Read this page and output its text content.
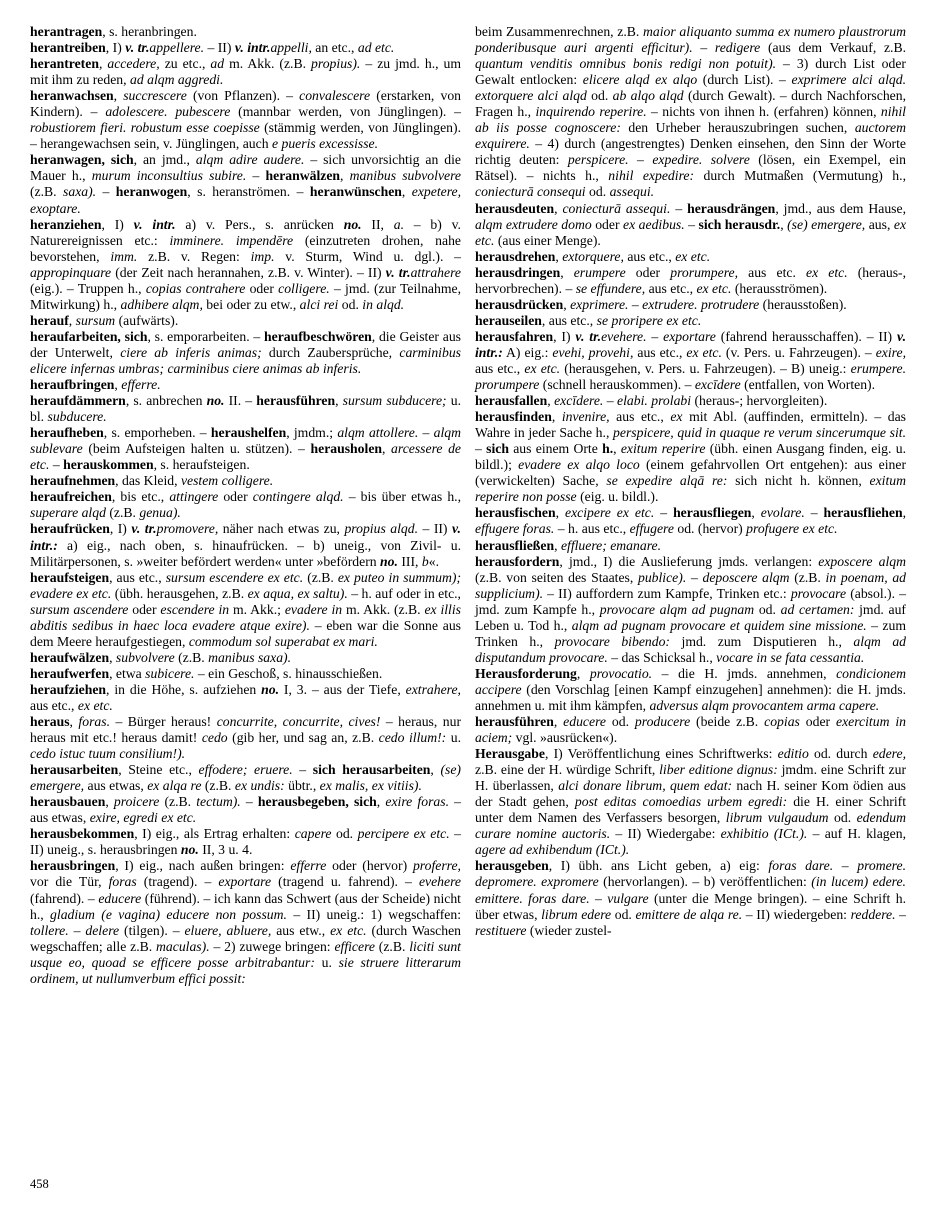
herantragen, s. heranbringen.

herantreiben, I) v. tr.appellere. – II) v. intr.appelli, an etc., ad etc.

herantreten, accedere, zu etc., ad m. Akk. (z.B. propius). – zu jmd. h., um mit ihm zu reden, ad alqm aggredi.

heranwachsen, succrescere (von Pflanzen). – convalescere (erstarken, von Kindern). – adolescere. pubescere (mannbar werden, von Jünglingen). – robustiorem fieri. robustum esse coepisse (stämmig werden, von Jünglingen). – herangewachsen sein, v. Jünglingen, auch e pueris excessisse.

heranwagen, sich, an jmd., alqm adire audere. – sich unvorsichtig an die Mauer h., murum inconsultius subire. – heranwälzen, manibus subvolvere (z.B. saxa). – heranwogen, s. heranströmen. – heranwünschen, expetere, exoptare.

heranziehen, I) v. intr. a) v. Pers., s. anrücken no. II, a. – b) v. Naturereignissen etc.: imminere. impendēre (einzutreten drohen, nahe bevorstehen, imm. z.B. v. Regen: imp. v. Sturm, Wind u. dgl.). – appropinquare (der Zeit nach herannahen, z.B. v. Winter). – II) v. tr.attrahere (eig.). – Truppen h., copias contrahere oder colligere. – jmd. (zur Teilnahme, Mitwirkung) h., adhibere alqm, bei oder zu etw., alci rei od. in alqd.

herauf, sursum (aufwärts).

heraufarbeiten, sich, s. emporarbeiten. – heraufbeschwören, die Geister aus der Unterwelt, ciere ab inferis animas; durch Zaubersprüche, carminibus elicere infernas umbras; carminibus ciere animas ab inferis.

heraufbringen, efferre.

heraufdämmern, s. anbrechen no. II. – herausführen, sursum subducere; u. bl. subducere.

heraufheben, s. emporheben. – heraushelfen, jmdm.; alqm attollere. – alqm sublevare (beim Aufsteigen halten u. stützen). – herausholen, arcessere de etc. – herauskommen, s. heraufsteigen.

heraufnehmen, das Kleid, vestem colligere.

heraufreichen, bis etc., attingere oder contingere alqd. – bis über etwas h., superare alqd (z.B. genua).

heraufrücken, I) v. tr.promovere, näher nach etwas zu, propius alqd. – II) v. intr.: a) eig., nach oben, s. hinaufrücken. – b) uneig., von Zivil- u. Militärpersonen, s. »weiter befördert werden« unter »befördern no. III, b«.

heraufsteigen, aus etc., sursum escendere ex etc. (z.B. ex puteo in summum); evadere ex etc. (übh. herausgehen, z.B. ex aqua, ex saltu). – h. auf oder in etc., sursum ascendere oder escendere in m. Akk.; evadere in m. Akk. (z.B. ex illis abditis sedibus in haec loca evadere atque exire). – eben war die Sonne aus dem Meere heraufgestiegen, commodum sol superabat ex mari.

heraufwälzen, subvolvere (z.B. manibus saxa).

heraufwerfen, etwa subicere. – ein Geschoß, s. hinausschießen.

heraufziehen, in die Höhe, s. aufziehen no. I, 3. – aus der Tiefe, extrahere, aus etc., ex etc.

heraus, foras. – Bürger heraus! concurrite, concurrite, cives! – heraus, nur heraus mit etc.! heraus damit! cedo (gib her, und sag an, z.B. cedo illum!: u. cedo istuc tuum consilium!).

herausarbeiten, Steine etc., effodere; eruere. – sich herausarbeiten, (se) emergere, aus etwas, ex alqa re (z.B. ex undis: übtr., ex malis, ex vitiis).

herausbauen, proicere (z.B. tectum). – herausbegeben, sich, exire foras. – aus etwas, exire, egredi ex etc.

herausbekommen, I) eig., als Ertrag erhalten: capere od. percipere ex etc. – II) uneig., s. herausbringen no. II, 3 u. 4.

herausbringen, I) eig., nach außen bringen: efferre oder (hervor) proferre, vor die Tür, foras (tragend). – exportare (tragend u. fahrend). – evehere (fahrend). – educere (führend). – ich kann das Schwert (aus der Scheide) nicht h., gladium (e vagina) educere non possum. – II) uneig.: 1) wegschaffen: tollere. – delere (tilgen). – eluere, abluere, aus etw., ex etc. (durch Waschen wegschaffen; alle z.B. maculas). – 2) zuwege bringen: efficere (z.B. liciti sunt usque eo, quoad se efficere posse arbitrabantur: u. sie struere litterarum ordinem, ut nullumverbum effici possit:

beim Zusammenrechnen, z.B. maior aliquanto summa ex numero plaustrorum ponderibusque auri argenti efficitur). – redigere (aus dem Verkauf, z.B. quantum venditis omnibus bonis redigi non potuit). – 3) durch List oder Gewalt entlocken: elicere alqd ex alqo (durch List). – exprimere alci alqd. extorquere alci alqd od. ab alqo alqd (durch Gewalt). – durch Nachforschen, Fragen h., inquirendo reperire. – nichts von ihnen h. (erfahren) können, nihil ab iis posse cognoscere: den Urheber herauszubringen suchen, auctorem exquirere. – 4) durch (angestrengtes) Denken einsehen, den Sinn der Worte richtig deuten: perspicere. – expedire. solvere (lösen, ein Exempel, ein Rätsel). – nichts h., nihil expedire: durch Mutmaßen (Vermutung) h., coniecturā consequi od. assequi.

herausdeuten, coniecturā assequi. – herausdrängen, jmd., aus dem Hause, alqm extrudere domo oder ex aedibus. – sich herausdr., (se) emergere, aus, ex etc. (aus einer Menge).

herausdrehen, extorquere, aus etc., ex etc.

herausdringen, erumpere oder prorumpere, aus etc. ex etc. (heraus-, hervorbrechen). – se effundere, aus etc., ex etc. (herausströmen).

herausdrücken, exprimere. – extrudere. protrudere (herausstoßen).

herauseilen, aus etc., se proripere ex etc.

herausfahren, I) v. tr.evehere. – exportare (fahrend herausschaffen). – II) v. intr.: A) eig.: evehi, provehi, aus etc., ex etc. (v. Pers. u. Fahrzeugen). – exire, aus etc., ex etc. (herausgehen, v. Pers. u. Fahrzeugen). – B) uneig.: erumpere. prorumpere (schnell herauskommen). – excīdere (entfallen, von Worten).

herausfallen, excīdere. – elabi. prolabi (heraus-; hervorgleiten).

herausfinden, invenire, aus etc., ex mit Abl. (auffinden, ermitteln). – das Wahre in jeder Sache h., perspicere, quid in quaque re verum sincerumque sit. – sich aus einem Orte h., exitum reperire (übh. einen Ausgang finden, eig. u. bildl.); evadere ex alqo loco (einem gefahrvollen Ort entgehen): aus einer (verwickelten) Sache, se expedire alqā re: sich nicht h. können, exitum reperire non posse (eig. u. bildl.).

herausfischen, excipere ex etc. – herausfliegen, evolare. – herausfliehen, effugere foras. – h. aus etc., effugere od. (hervor) profugere ex etc.

herausfließen, effluere; emanare.

herausfordern, jmd., I) die Auslieferung jmds. verlangen: exposcere alqm (z.B. von seiten des Staates, publice). – deposcere alqm (z.B. in poenam, ad supplicium). – II) auffordern zum Kampfe, Trinken etc.: provocare (absol.). – jmd. zum Kampfe h., provocare alqm ad pugnam od. ad certamen: jmd. auf Leben u. Tod h., alqm ad pugnam provocare et quidem sine missione. – zum Trinken h., provocare bibendo: jmd. zum Disputieren h., alqm ad disputandum provocare. – das Schicksal h., vocare in se fata cessantia.

Herausforderung, provocatio. – die H. jmds. annehmen, condicionem accipere (den Vorschlag [einen Kampf einzugehen] annehmen): die H. jmds. annehmen u. mit ihm kämpfen, adversus alqm provocantem arma capere.

herausführen, educere od. producere (beide z.B. copias oder exercitum in aciem; vgl. »ausrücken«).

Herausgabe, I) Veröffentlichung eines Schriftwerks: editio od. durch edere, z.B. eine der H. würdige Schrift, liber editione dignus: jmdm. eine Schrift zur H. überlassen, alci donare librum, quem edat: nach H. seiner Kom ödien aus der Stadt gehen, post editas comoedias urbem egredi: die H. einer Schrift unter dem Namen des Verfassers besorgen, librum vulgaudum od. edendum curare nomine auctoris. – II) Wiedergabe: exhibitio (ICt.). – auf H. klagen, agere ad exhibendum (ICt.).

herausgeben, I) übh. ans Licht geben, a) eig: foras dare. – promere. depromere. expromere (hervorlangen). – b) veröffentlichen: (in lucem) edere. emittere. foras dare. – vulgare (unter die Menge bringen). – eine Schrift h. über etwas, librum edere od. emittere de alqa re. – II) wiedergeben: reddere. – restituere (wieder zustel-

458
